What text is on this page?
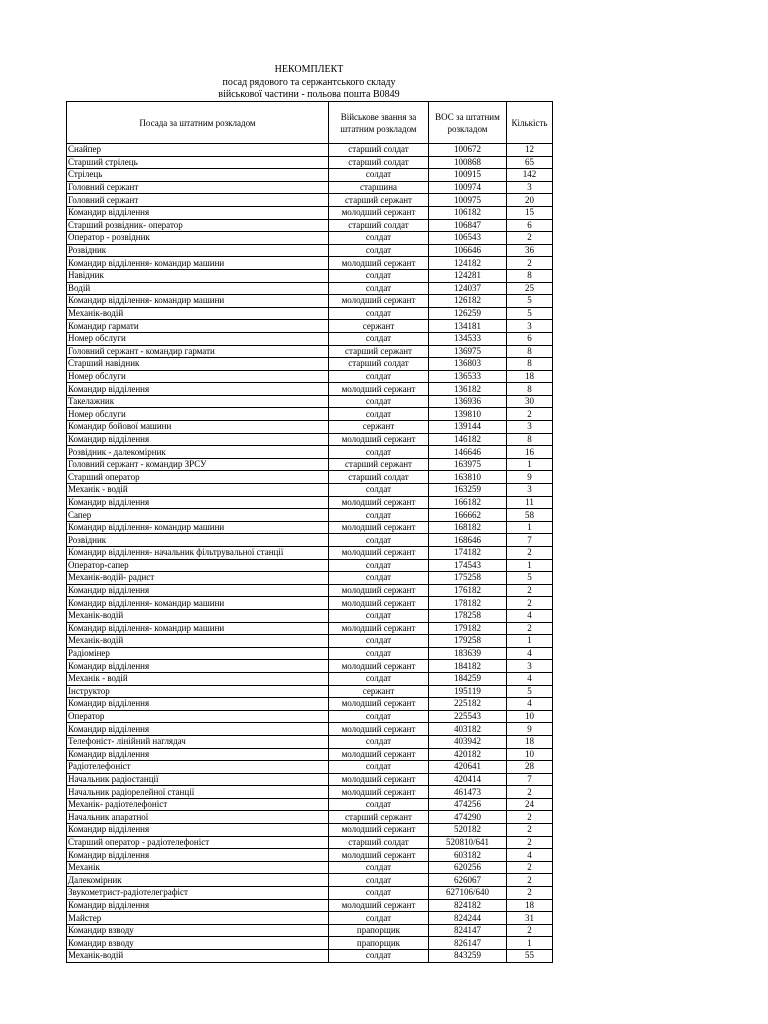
НЕКОМПЛЕКТ
посад рядового та сержантського складу
військової частини - польова пошта В0849
Посада за штатним розкладом	Військове звання за штатним розкладом	ВОС за штатним розкладом	Кількість
Снайпер	старший солдат	100672	12
Старший стрілець	старший солдат	100868	65
Стрілець	солдат	100915	142
Головний сержант	старшина	100974	3
Головний сержант	старший сержант	100975	20
Командир відділення	молодший сержант	106182	15
Старший розвідник- оператор	старший солдат	106847	6
Оператор - розвідник	солдат	106543	2
Розвідник	солдат	106646	36
Командир відділення- командир машини	молодший сержант	124182	2
Навідник	солдат	124281	8
Водій	солдат	124037	25
Командир відділення- командир машини	молодший сержант	126182	5
Механік-водій	солдат	126259	5
Командир гармати	сержант	134181	3
Номер обслуги	солдат	134533	6
Головний сержант - командир гармати	старший сержант	136975	8
Старший навідник	старший солдат	136803	8
Номер обслуги	солдат	136533	18
Командир відділення	молодший сержант	136182	8
Такелажник	солдат	136936	30
Номер обслуги	солдат	139810	2
Командир бойової машини	сержант	139144	3
Командир відділення	молодший сержант	146182	8
Розвідник - далекомірник	солдат	146646	16
Головний сержант - командир ЗРСУ	старший сержант	163975	1
Старший оператор	старший солдат	163810	9
Механік - водій	солдат	163259	3
Командир відділення	молодший сержант	166182	11
Сапер	солдат	166662	58
Командир відділення- командир машини	молодший сержант	168182	1
Розвідник	солдат	168646	7
Командир відділення- начальник фільтрувальної станції	молодший сержант	174182	2
Оператор-сапер	солдат	174543	1
Механік-водій- радист	солдат	175258	5
Командир відділення	молодший сержант	176182	2
Командир відділення- командир машини	молодший сержант	178182	2
Механік-водій	солдат	178258	4
Командир відділення- командир машини	молодший сержант	179182	2
Механік-водій	солдат	179258	1
Радіомінер	солдат	183639	4
Командир відділення	молодший сержант	184182	3
Механік - водій	солдат	184259	4
Інструктор	сержант	195119	5
Командир відділення	молодший сержант	225182	4
Оператор	солдат	225543	10
Командир відділення	молодший сержант	403182	9
Телефоніст- лінійний наглядач	солдат	403942	18
Командир відділення	молодший сержант	420182	10
Радіотелефоніст	солдат	420641	28
Начальник радіостанції	молодший сержант	420414	7
Начальник радіорелейної станції	молодший сержант	461473	2
Механік- радіотелефоніст	солдат	474256	24
Начальник апаратної	старший сержант	474290	2
Командир відділення	молодший сержант	520182	2
Старший оператор - радіотелефоніст	старший солдат	520810/641	2
Командир відділення	молодший сержант	603182	4
Механік	солдат	620256	2
Далекомірник	солдат	626067	2
Звукометрист-радіотелеграфіст	солдат	627106/640	2
Командир відділення	молодший сержант	824182	18
Майстер	солдат	824244	31
Командир взводу	прапорщик	824147	2
Командир взводу	прапорщик	826147	1
Механік-водій	солдат	843259	55
